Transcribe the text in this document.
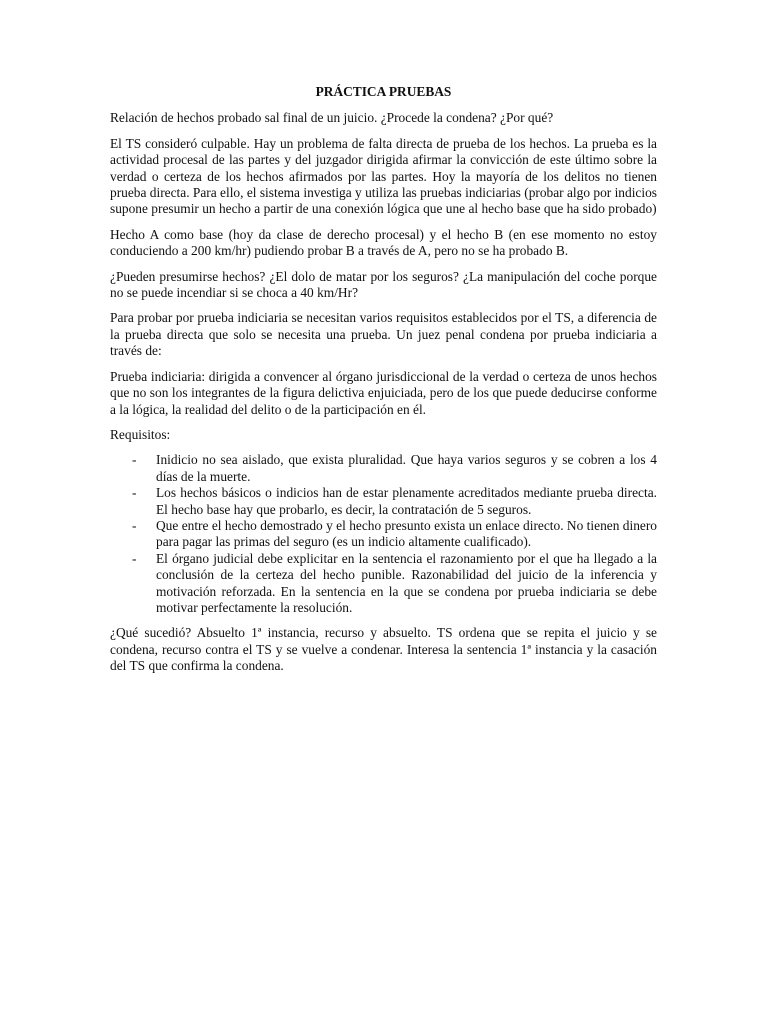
PRÁCTICA PRUEBAS

Relación de hechos probado sal final de un juicio. ¿Procede la condena? ¿Por qué?

El TS consideró culpable. Hay un problema de falta directa de prueba de los hechos. La prueba es la actividad procesal de las partes y del juzgador dirigida afirmar la convicción de este último sobre la verdad o certeza de los hechos afirmados por las partes. Hoy la mayoría de los delitos no tienen prueba directa. Para ello, el sistema investiga y utiliza las pruebas indiciarias (probar algo por indicios supone presumir un hecho a partir de una conexión lógica que une al hecho base que ha sido probado)

Hecho A como base (hoy da clase de derecho procesal) y el hecho B (en ese momento no estoy conduciendo a 200 km/hr) pudiendo probar B a través de A, pero no se ha probado B.

¿Pueden presumirse hechos? ¿El dolo de matar por los seguros? ¿La manipulación del coche porque no se puede incendiar si se choca a 40 km/Hr?

Para probar por prueba indiciaria se necesitan varios requisitos establecidos por el TS, a diferencia de la prueba directa que solo se necesita una prueba. Un juez penal condena por prueba indiciaria a través de:

Prueba indiciaria: dirigida a convencer al órgano jurisdiccional de la verdad o certeza de unos hechos que no son los integrantes de la figura delictiva enjuiciada, pero de los que puede deducirse conforme a la lógica, la realidad del delito o de la participación en él.

Requisitos:

- Inidicio no sea aislado, que exista pluralidad. Que haya varios seguros y se cobren a los 4 días de la muerte.
- Los hechos básicos o indicios han de estar plenamente acreditados mediante prueba directa. El hecho base hay que probarlo, es decir, la contratación de 5 seguros.
- Que entre el hecho demostrado y el hecho presunto exista un enlace directo. No tienen dinero para pagar las primas del seguro (es un indicio altamente cualificado).
- El órgano judicial debe explicitar en la sentencia el razonamiento por el que ha llegado a la conclusión de la certeza del hecho punible. Razonabilidad del juicio de la inferencia y motivación reforzada. En la sentencia en la que se condena por prueba indiciaria se debe motivar perfectamente la resolución.

¿Qué sucedió? Absuelto 1ª instancia, recurso y absuelto. TS ordena que se repita el juicio y se condena, recurso contra el TS y se vuelve a condenar. Interesa la sentencia 1ª instancia y la casación del TS que confirma la condena.
